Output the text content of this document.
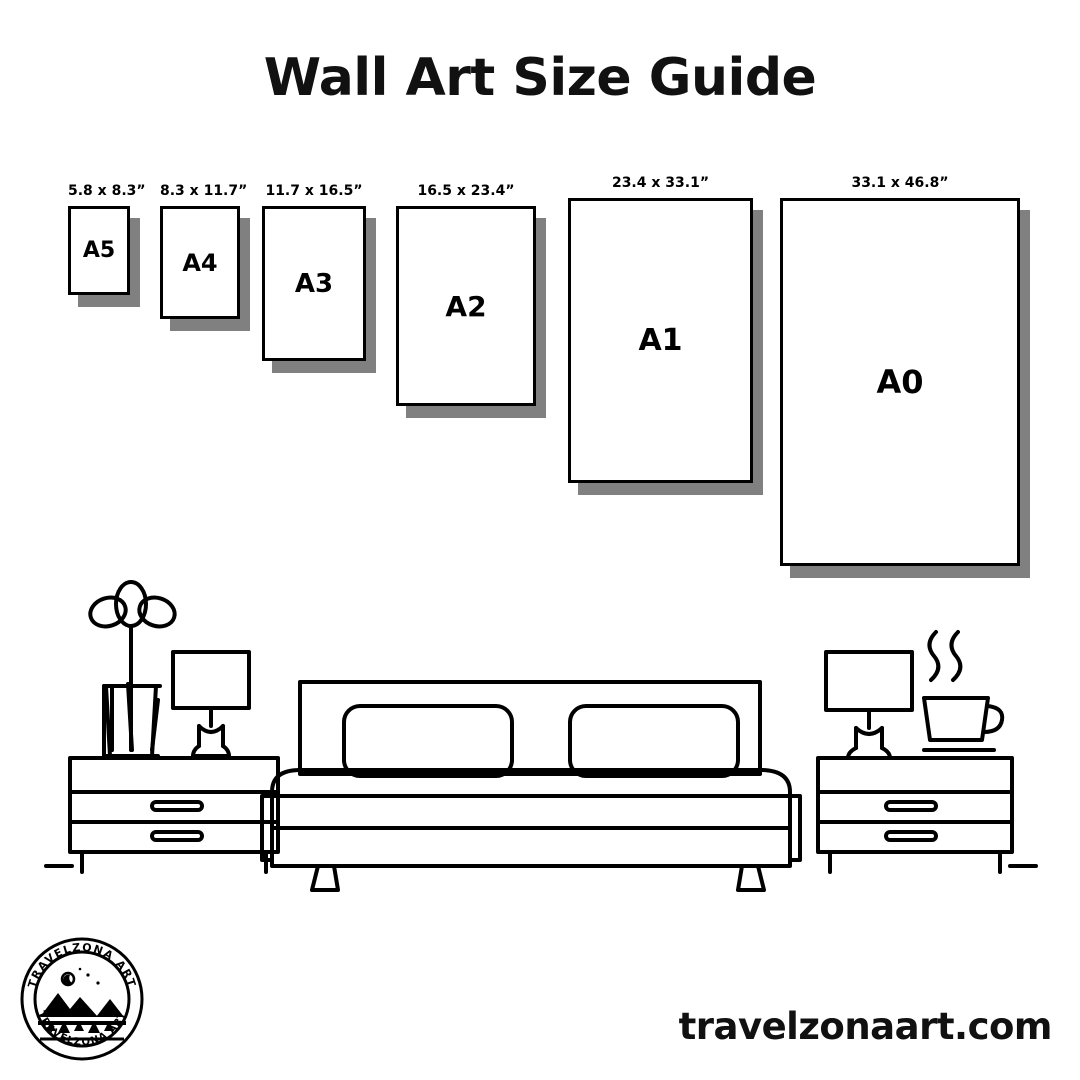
Wall Art Size Guide
5.8 x 8.3”
A5
8.3 x 11.7”
A4
11.7 x 16.5”
A3
16.5 x 23.4”
A2
23.4 x 33.1”
A1
33.1 x 46.8”
A0
TRAVELZONA ART
TRAVELZONA ART	travelzonaart.com
